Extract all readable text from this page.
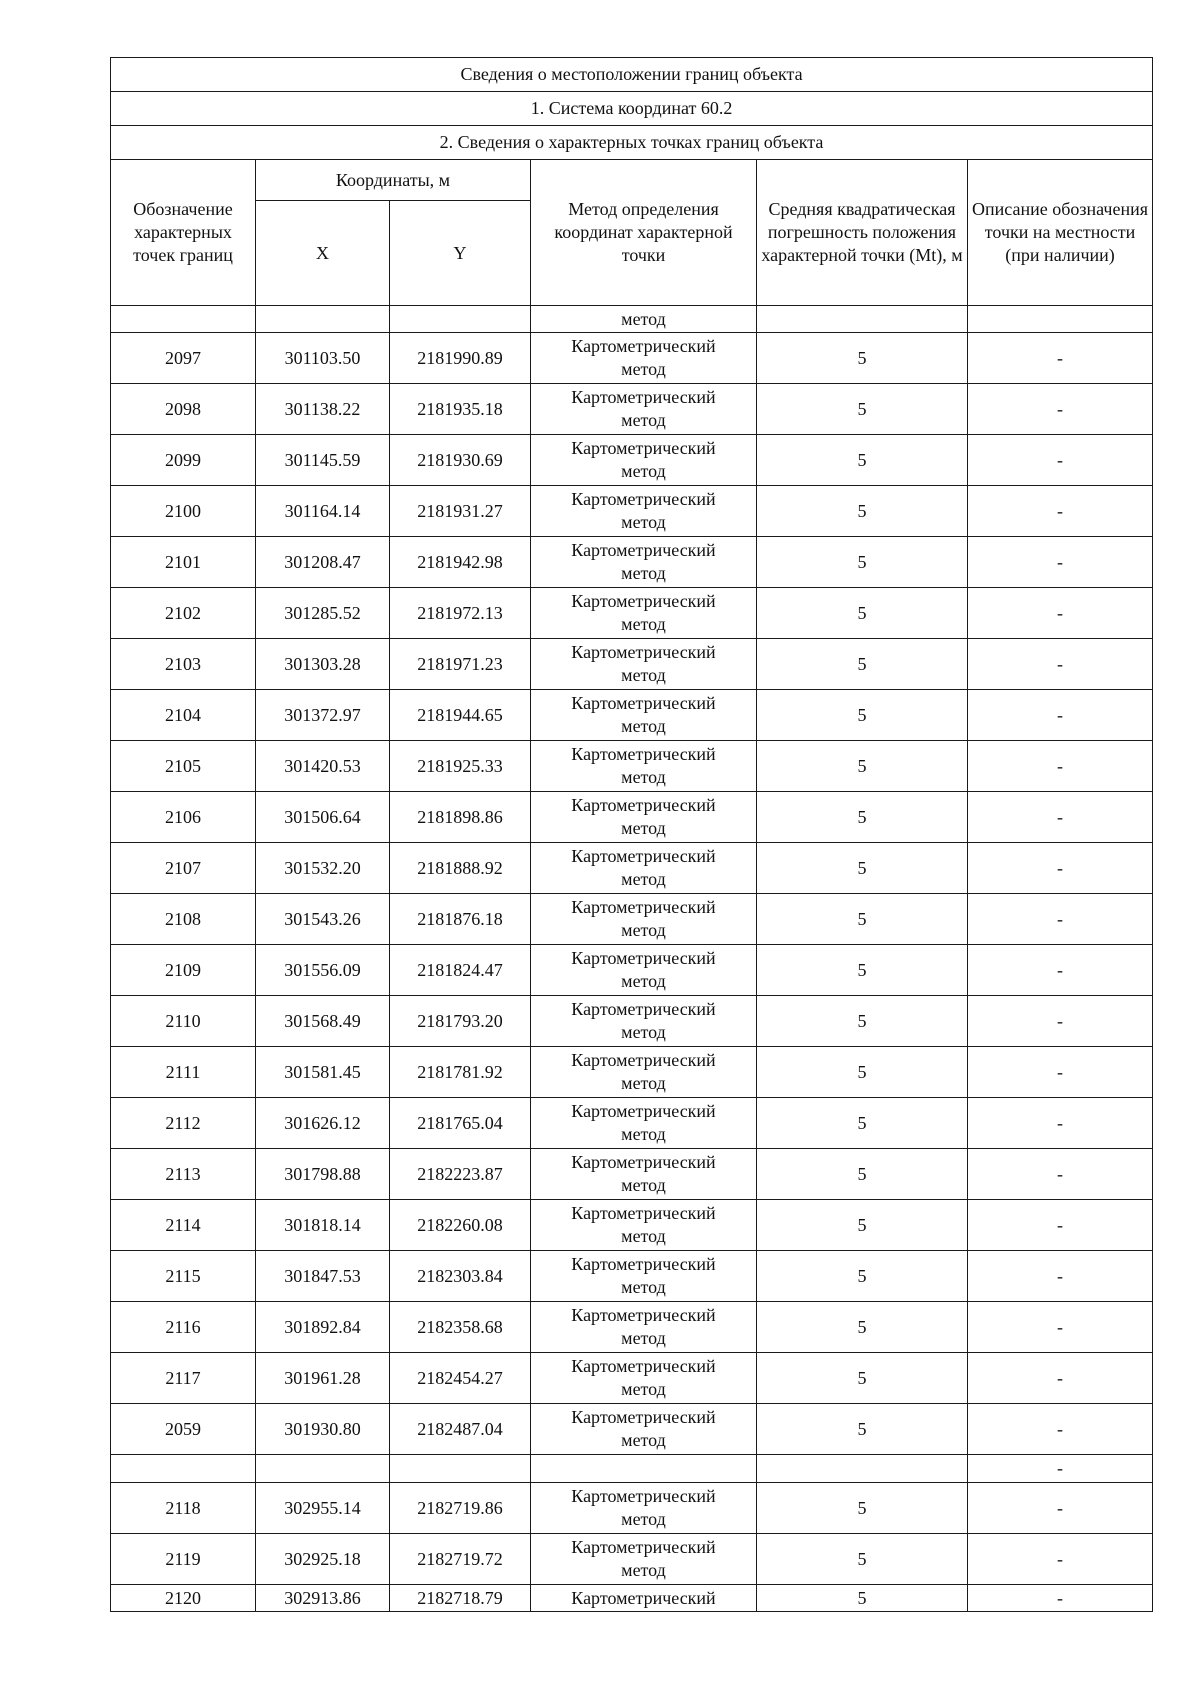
Сведения о местоположении границ объекта					
1. Система координат 60.2					
2. Сведения о характерных точках границ объекта					
Обозначение характерных точек границ	Координаты, м		Метод определения координат характерной точки	Средняя квадратическая погрешность положения характерной точки (Mt), м	Описание обозначения точки на местности (при наличии)
	X	Y			
			метод		
2097	301103.50	2181990.89	Картометрический
метод	5	-
2098	301138.22	2181935.18	Картометрический
метод	5	-
2099	301145.59	2181930.69	Картометрический
метод	5	-
2100	301164.14	2181931.27	Картометрический
метод	5	-
2101	301208.47	2181942.98	Картометрический
метод	5	-
2102	301285.52	2181972.13	Картометрический
метод	5	-
2103	301303.28	2181971.23	Картометрический
метод	5	-
2104	301372.97	2181944.65	Картометрический
метод	5	-
2105	301420.53	2181925.33	Картометрический
метод	5	-
2106	301506.64	2181898.86	Картометрический
метод	5	-
2107	301532.20	2181888.92	Картометрический
метод	5	-
2108	301543.26	2181876.18	Картометрический
метод	5	-
2109	301556.09	2181824.47	Картометрический
метод	5	-
2110	301568.49	2181793.20	Картометрический
метод	5	-
2111	301581.45	2181781.92	Картометрический
метод	5	-
2112	301626.12	2181765.04	Картометрический
метод	5	-
2113	301798.88	2182223.87	Картометрический
метод	5	-
2114	301818.14	2182260.08	Картометрический
метод	5	-
2115	301847.53	2182303.84	Картометрический
метод	5	-
2116	301892.84	2182358.68	Картометрический
метод	5	-
2117	301961.28	2182454.27	Картометрический
метод	5	-
2059	301930.80	2182487.04	Картометрический
метод	5	-
					-
2118	302955.14	2182719.86	Картометрический
метод	5	-
2119	302925.18	2182719.72	Картометрический
метод	5	-
2120	302913.86	2182718.79	Картометрический	5	-
